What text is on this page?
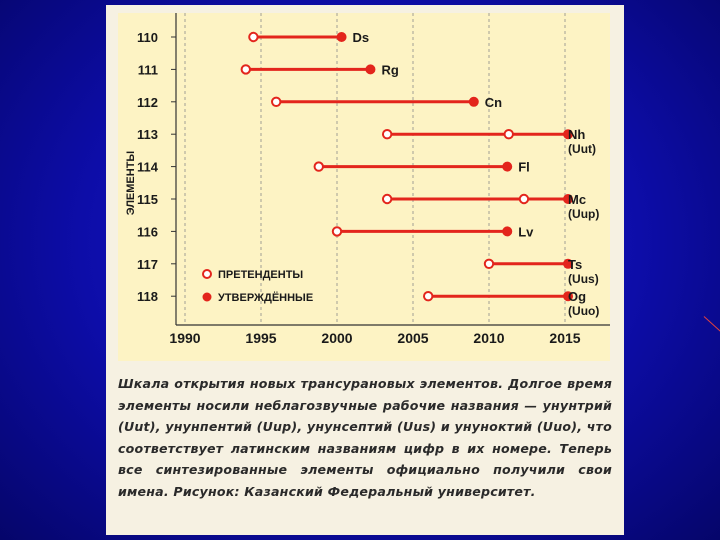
1990	1995	2000	2005	2010	2015
ЭЛЕМЕНТЫ
110	Ds
111	Rg
112	Cn
113	Nh
(Uut)
114	Fl
115	Mc
(Uup)
116	Lv
117	Ts
(Uus)
118	Og
(Uuo)
ПРЕТЕНДЕНТЫ
УТВЕРЖДЁННЫЕ
Шкала открытия новых трансурановых элементов. Долгое время элементы носили неблагозвучные рабочие названия — унунтрий (Uut), унунпентий (Uup), унунсептий (Uus) и унуноктий (Uuo), что соответствует латинским названиям цифр в их номере. Теперь все синтезированные элементы официально получили свои имена. Рисунок: Казанский Федеральный университет.
